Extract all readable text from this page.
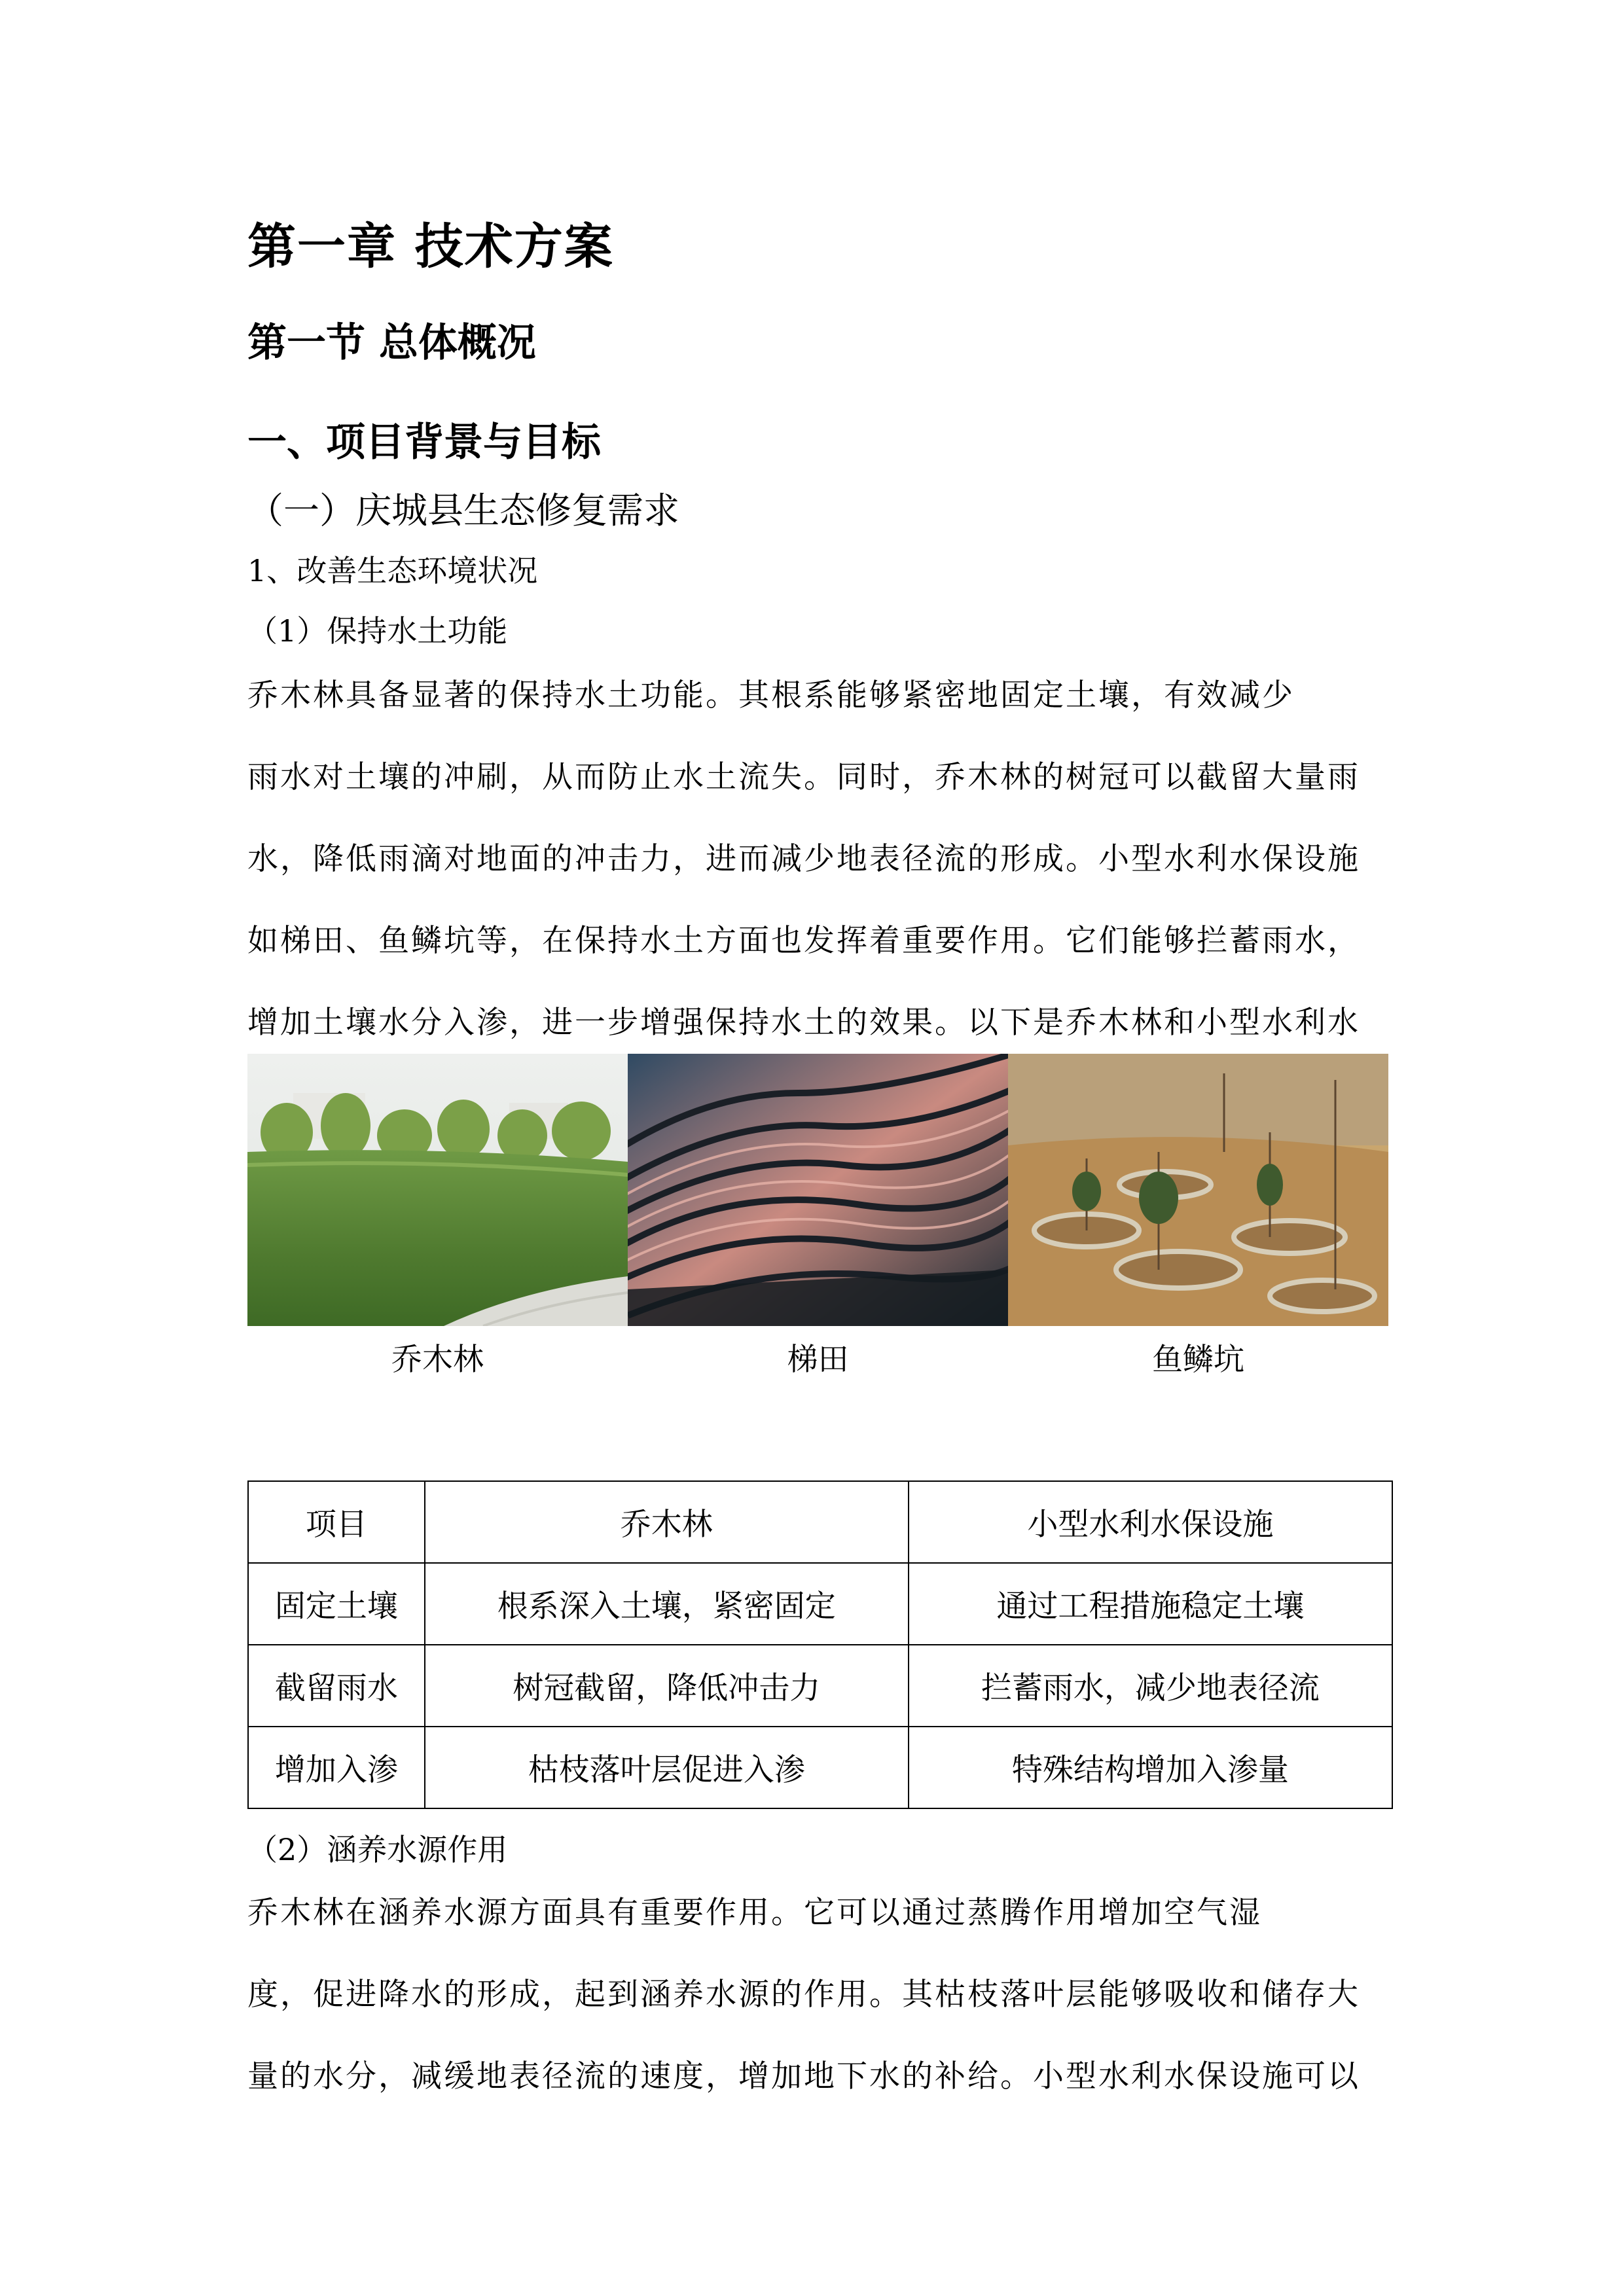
第一章 技术方案
第一节 总体概况
一、项目背景与目标
（一）庆城县生态修复需求
1、改善生态环境状况
（1）保持水土功能
乔木林具备显著的保持水土功能。其根系能够紧密地固定土壤，有效减少
雨水对土壤的冲刷，从而防止水土流失。同时，乔木林的树冠可以截留大量雨
水，降低雨滴对地面的冲击力，进而减少地表径流的形成。小型水利水保设施
如梯田、鱼鳞坑等，在保持水土方面也发挥着重要作用。它们能够拦蓄雨水，
增加土壤水分入渗，进一步增强保持水土的效果。以下是乔木林和小型水利水
乔木林	梯田	鱼鳞坑
项目	乔木林	小型水利水保设施
固定土壤	根系深入土壤，紧密固定	通过工程措施稳定土壤
截留雨水	树冠截留，降低冲击力	拦蓄雨水，减少地表径流
增加入渗	枯枝落叶层促进入渗	特殊结构增加入渗量
（2）涵养水源作用
乔木林在涵养水源方面具有重要作用。它可以通过蒸腾作用增加空气湿
度，促进降水的形成，起到涵养水源的作用。其枯枝落叶层能够吸收和储存大
量的水分，减缓地表径流的速度，增加地下水的补给。小型水利水保设施可以
